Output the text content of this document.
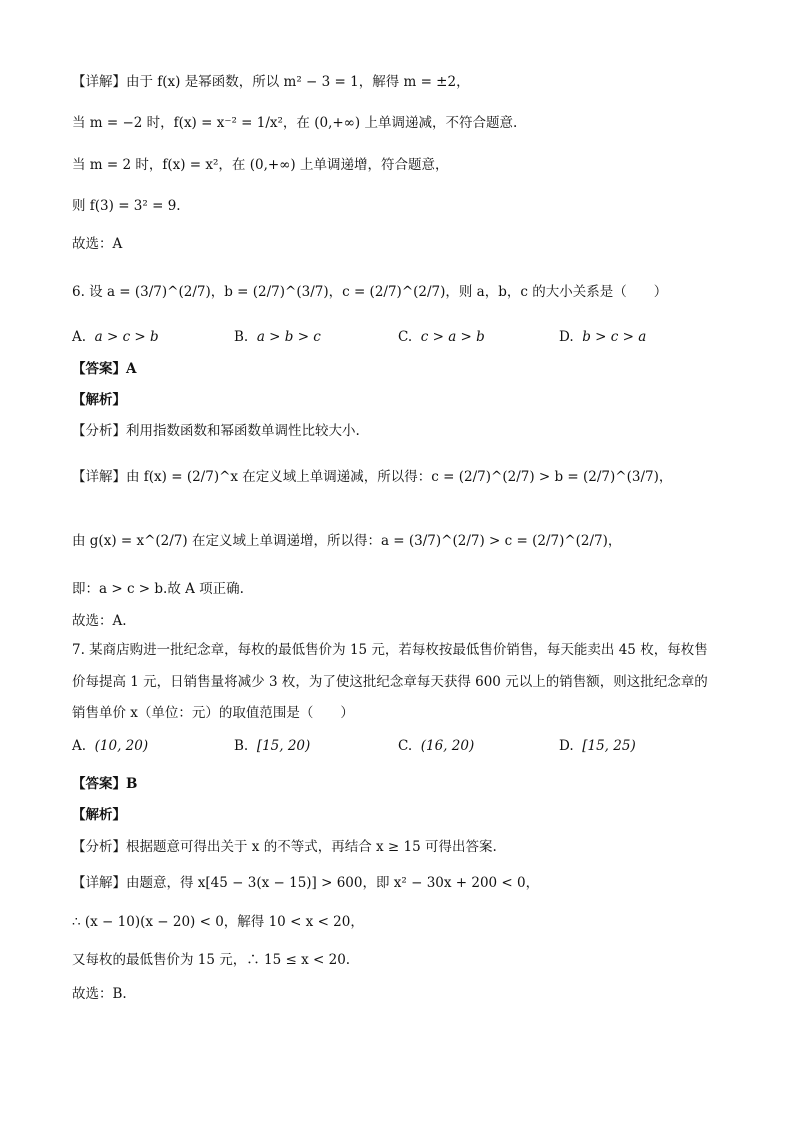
【详解】由于 f(x) 是幂函数，所以 m² − 3 = 1，解得 m = ±2，
当 m = −2 时，f(x) = x⁻² = 1/x²，在 (0,+∞) 上单调递减，不符合题意.
当 m = 2 时，f(x) = x²，在 (0,+∞) 上单调递增，符合题意，
则 f(3) = 3² = 9.
故选：A
6. 设 a = (3/7)^(2/7)，b = (2/7)^(3/7)，c = (2/7)^(2/7)，则 a，b，c 的大小关系是（　　）
A. a > c > b	B. a > b > c	C. c > a > b	D. b > c > a
【答案】A
【解析】
【分析】利用指数函数和幂函数单调性比较大小.
【详解】由 f(x) = (2/7)^x 在定义域上单调递减，所以得：c = (2/7)^(2/7) > b = (2/7)^(3/7)，
由 g(x) = x^(2/7) 在定义域上单调递增，所以得：a = (3/7)^(2/7) > c = (2/7)^(2/7)，
即：a > c > b.故 A 项正确.
故选：A.
7. 某商店购进一批纪念章，每枚的最低售价为 15 元，若每枚按最低售价销售，每天能卖出 45 枚，每枚售
价每提高 1 元，日销售量将减少 3 枚，为了使这批纪念章每天获得 600 元以上的销售额，则这批纪念章的
销售单价 x（单位：元）的取值范围是（　　）
A. (10, 20)	B. [15, 20)	C. (16, 20)	D. [15, 25)
【答案】B
【解析】
【分析】根据题意可得出关于 x 的不等式，再结合 x ≥ 15 可得出答案.
【详解】由题意，得 x[45 − 3(x − 15)] > 600，即 x² − 30x + 200 < 0，
∴ (x − 10)(x − 20) < 0，解得 10 < x < 20，
又每枚的最低售价为 15 元，∴ 15 ≤ x < 20.
故选：B.
